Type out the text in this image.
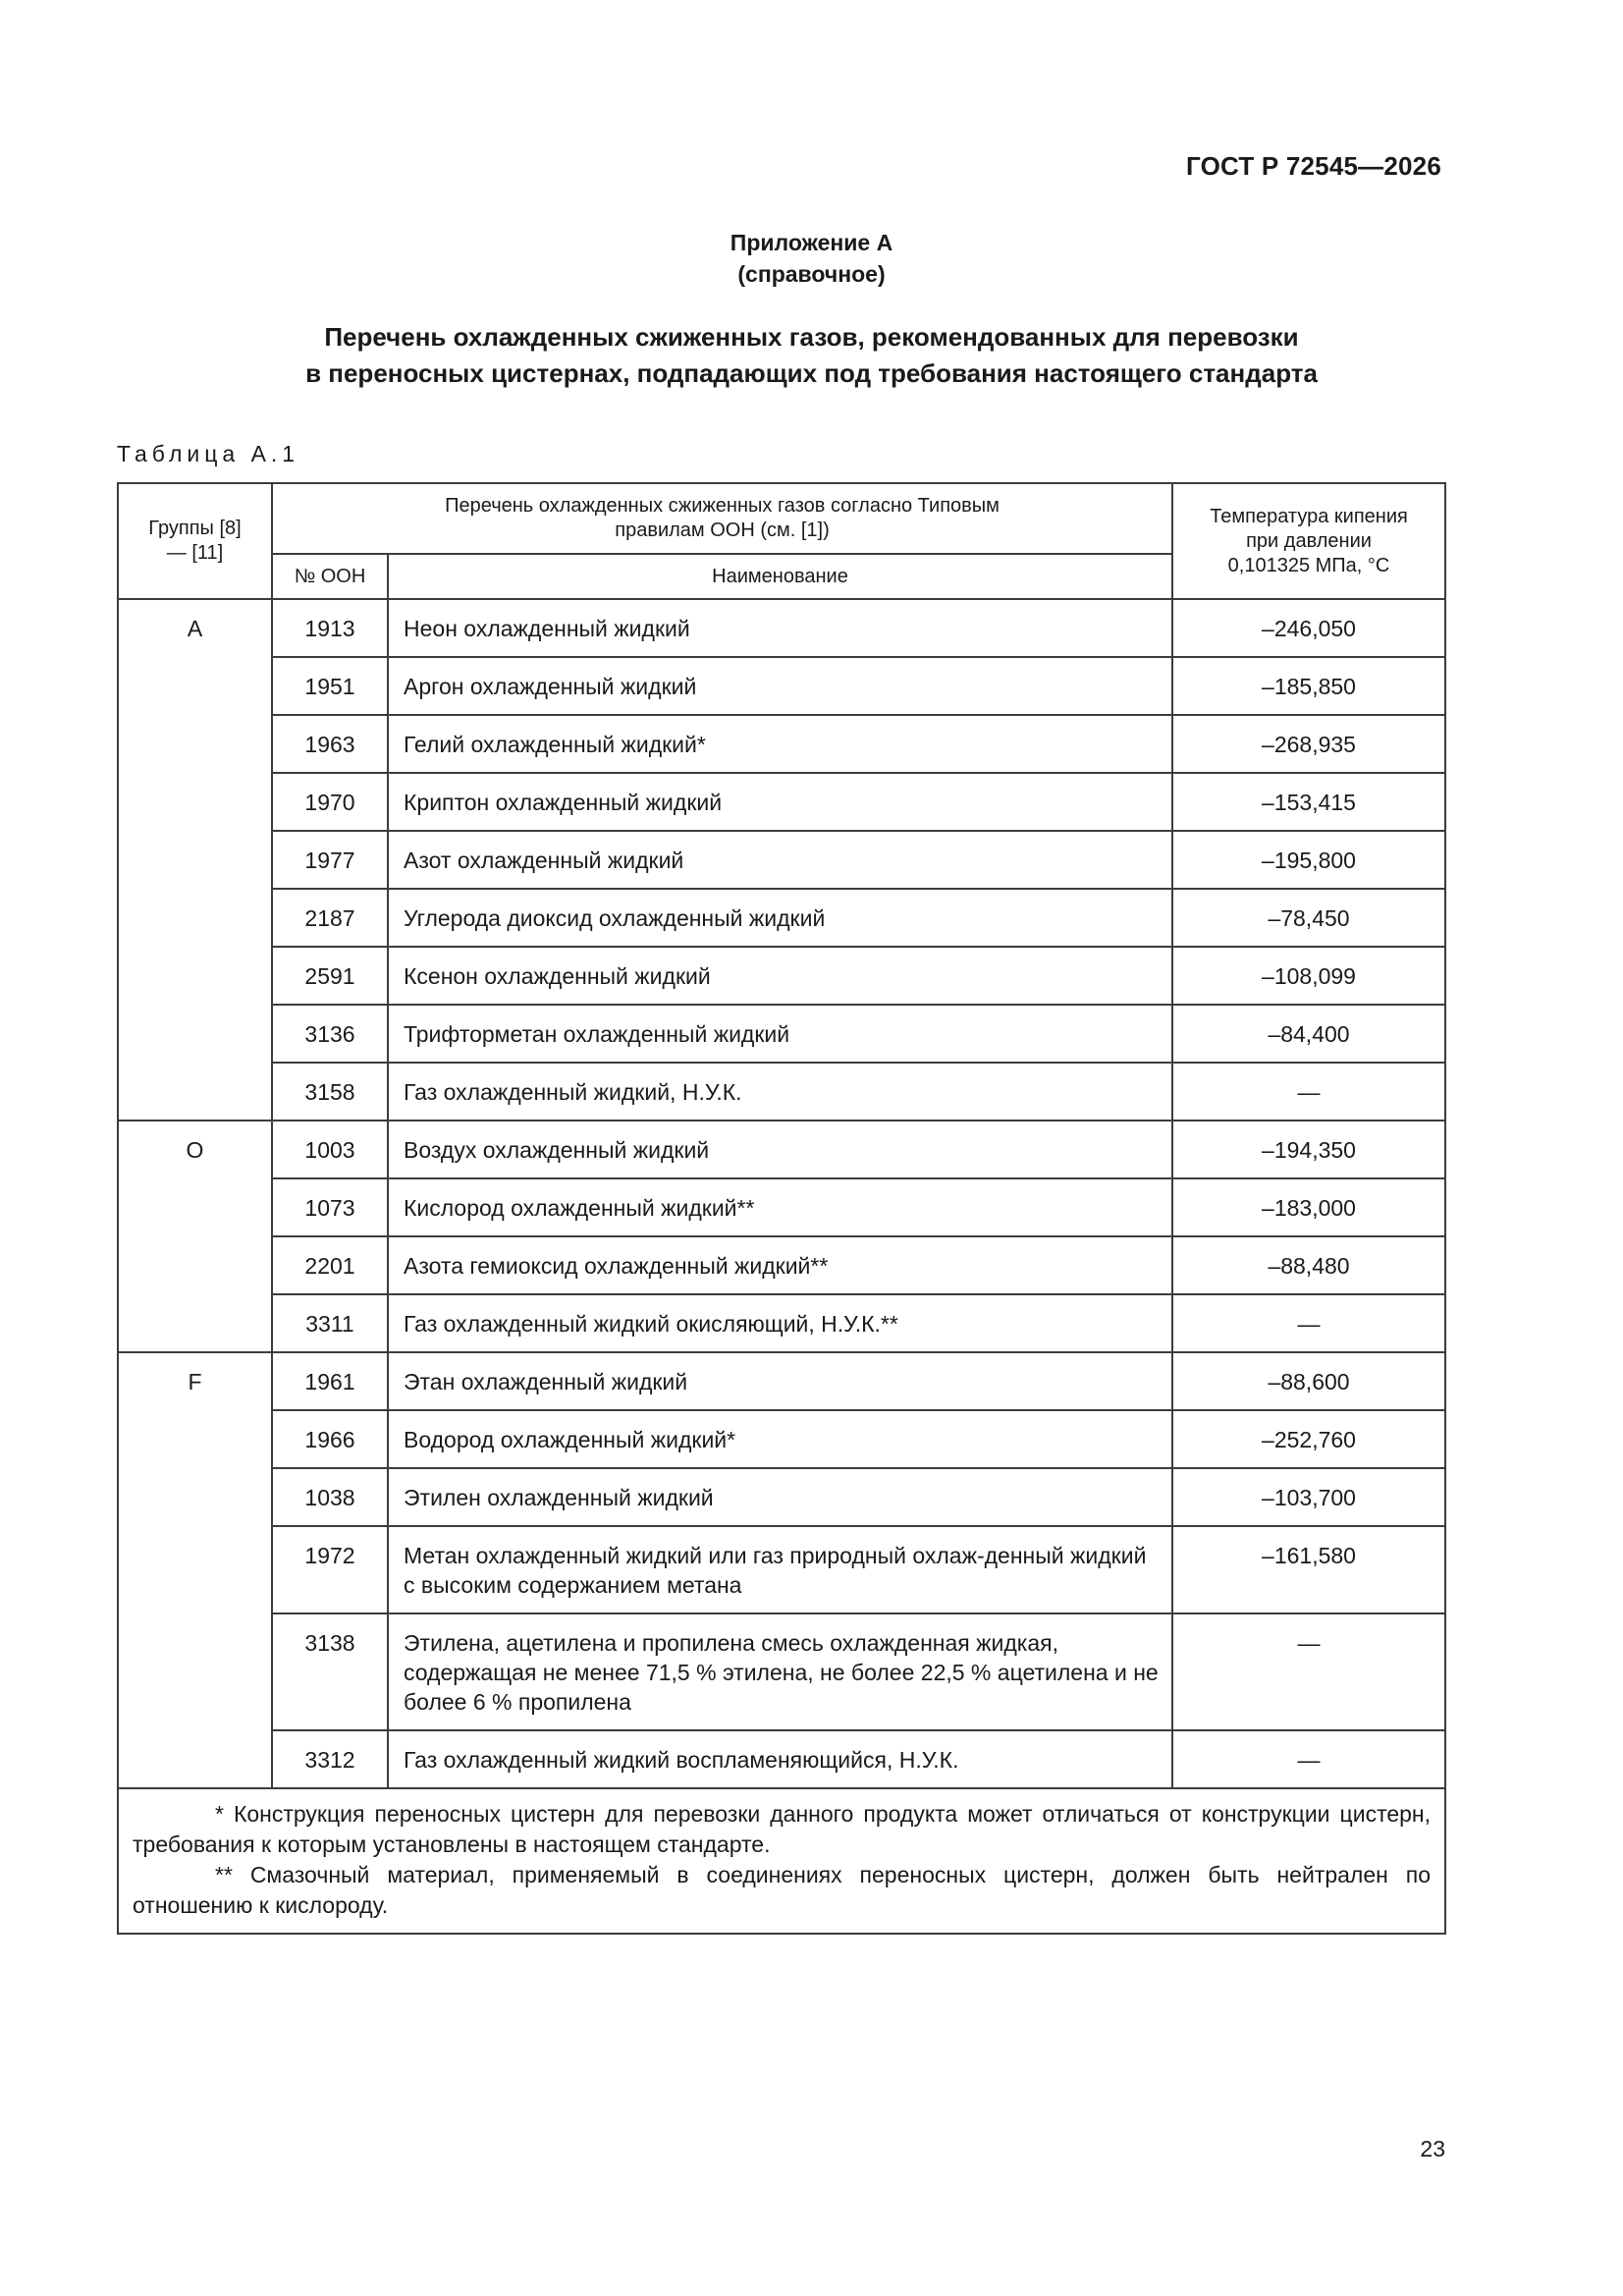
ГОСТ Р 72545—2026
Приложение А
(справочное)
Перечень охлажденных сжиженных газов, рекомендованных для перевозки
в переносных цистернах, подпадающих под требования настоящего стандарта
Таблица А.1
Группы [8] — [11]	Перечень охлажденных сжиженных газов согласно Типовым правилам ООН (см. [1])		Температура кипения при давлении 0,101325 МПа, °С
	№ ООН	Наименование	
А	1913	Неон охлажденный жидкий	–246,050
	1951	Аргон охлажденный жидкий	–185,850
	1963	Гелий охлажденный жидкий*	–268,935
	1970	Криптон охлажденный жидкий	–153,415
	1977	Азот охлажденный жидкий	–195,800
	2187	Углерода диоксид охлажденный жидкий	–78,450
	2591	Ксенон охлажденный жидкий	–108,099
	3136	Трифторметан охлажденный жидкий	–84,400
	3158	Газ охлажденный жидкий, Н.У.К.	—
О	1003	Воздух охлажденный жидкий	–194,350
	1073	Кислород охлажденный жидкий**	–183,000
	2201	Азота гемиоксид охлажденный жидкий**	–88,480
	3311	Газ охлажденный жидкий окисляющий, Н.У.К.**	—
F	1961	Этан охлажденный жидкий	–88,600
	1966	Водород охлажденный жидкий*	–252,760
	1038	Этилен охлажденный жидкий	–103,700
	1972	Метан охлажденный жидкий или газ природный охлаж-денный жидкий с высоким содержанием метана	–161,580
	3138	Этилена, ацетилена и пропилена смесь охлажденная жидкая, содержащая не менее 71,5 % этилена, не более 22,5 % ацетилена и не более 6 % пропилена	—
	3312	Газ охлажденный жидкий воспламеняющийся, Н.У.К.	—

* Конструкция переносных цистерн для перевозки данного продукта может отличаться от конструкции цистерн, требования к которым установлены в настоящем стандарте.
** Смазочный материал, применяемый в соединениях переносных цистерн, должен быть нейтрален по отношению к кислороду.			
23
